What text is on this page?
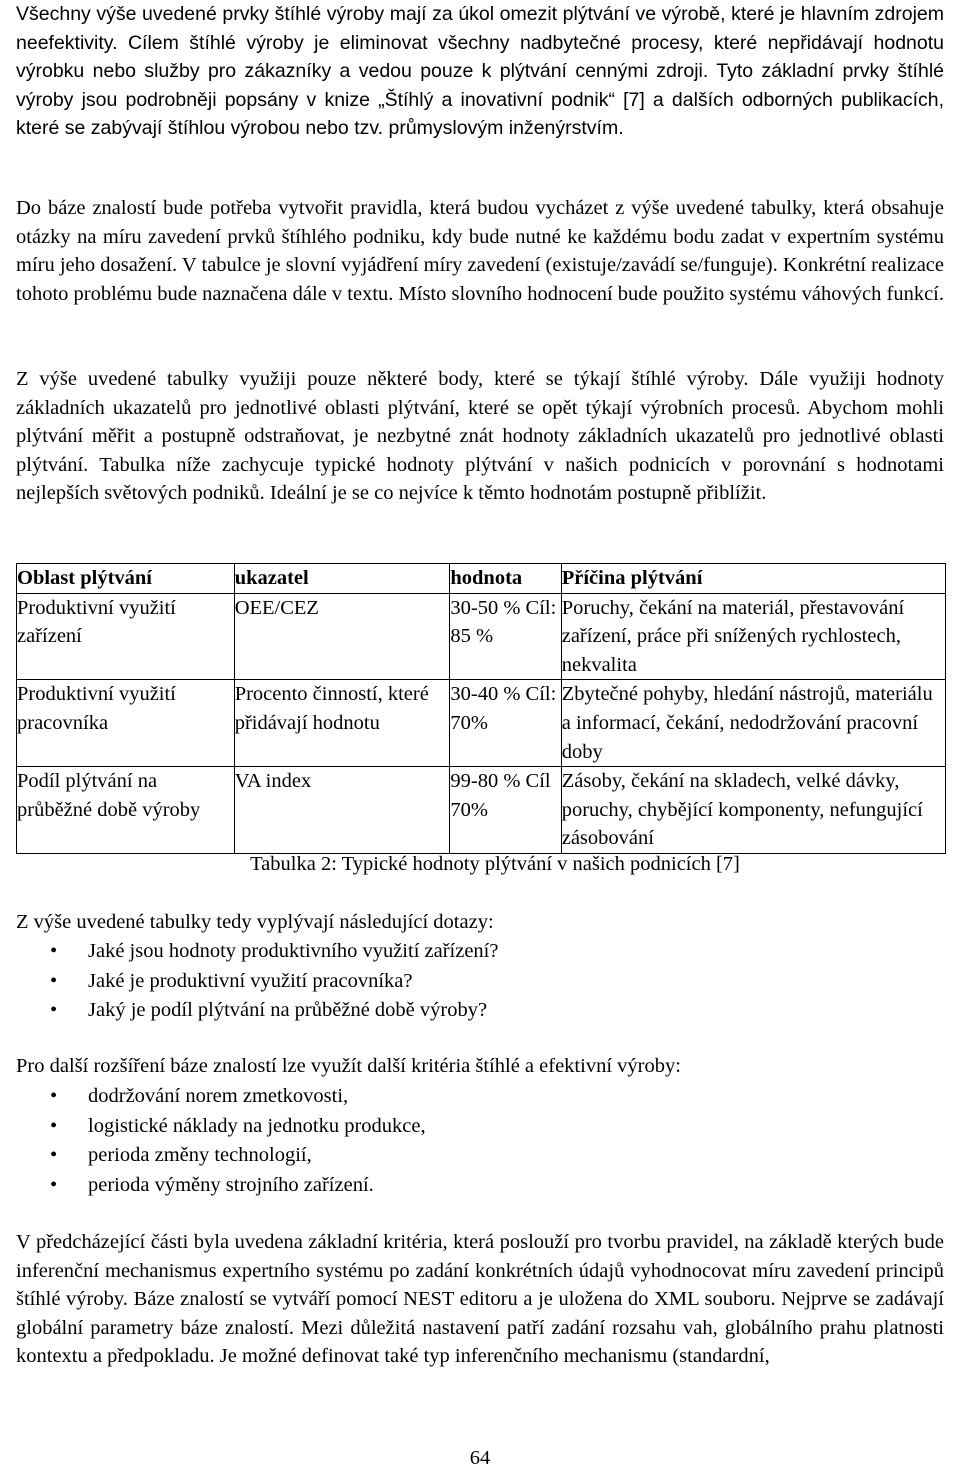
Všechny výše uvedené prvky štíhlé výroby mají za úkol omezit plýtvání ve výrobě, které je hlavním zdrojem neefektivity. Cílem štíhlé výroby je eliminovat všechny nadbytečné procesy, které nepřidávají hodnotu výrobku nebo služby pro zákazníky a vedou pouze k plýtvání cennými zdroji. Tyto základní prvky štíhlé výroby jsou podrobněji popsány v knize „Štíhlý a inovativní podnik“ [7] a dalších odborných publikacích, které se zabývají štíhlou výrobou nebo tzv. průmyslovým inženýrstvím.

Do báze znalostí bude potřeba vytvořit pravidla, která budou vycházet z výše uvedené tabulky, která obsahuje otázky na míru zavedení prvků štíhlého podniku, kdy bude nutné ke každému bodu zadat v expertním systému míru jeho dosažení. V tabulce je slovní vyjádření míry zavedení (existuje/zavádí se/funguje). Konkrétní realizace tohoto problému bude naznačena dále v textu. Místo slovního hodnocení bude použito systému váhových funkcí.

Z výše uvedené tabulky využiji pouze některé body, které se týkají štíhlé výroby. Dále využiji hodnoty základních ukazatelů pro jednotlivé oblasti plýtvání, které se opět týkají výrobních procesů. Abychom mohli plýtvání měřit a postupně odstraňovat, je nezbytné znát hodnoty základních ukazatelů pro jednotlivé oblasti plýtvání. Tabulka níže zachycuje typické hodnoty plýtvání v našich podnicích v porovnání s hodnotami nejlepších světových podniků. Ideální je se co nejvíce k těmto hodnotám postupně přiblížit.

Oblast plýtvání	ukazatel	hodnota	Příčina plýtvání
Produktivní využití zařízení	OEE/CEZ	30-50 % Cíl: 85 %	Poruchy, čekání na materiál, přestavování zařízení, práce při snížených rychlostech, nekvalita
Produktivní využití pracovníka	Procento činností, které přidávají hodnotu	30-40 % Cíl: 70%	Zbytečné pohyby, hledání nástrojů, materiálu a informací, čekání, nedodržování pracovní doby
Podíl plýtvání na průběžné době výroby	VA index	99-80 % Cíl 70%	Zásoby, čekání na skladech, velké dávky, poruchy, chybějící komponenty, nefungující zásobování
Tabulka 2: Typické hodnoty plýtvání v našich podnicích [7]

Z výše uvedené tabulky tedy vyplývají následující dotazy:

• Jaké jsou hodnoty produktivního využití zařízení?
• Jaké je produktivní využití pracovníka?
• Jaký je podíl plýtvání na průběžné době výroby?

Pro další rozšíření báze znalostí lze využít další kritéria štíhlé a efektivní výroby:

• dodržování norem zmetkovosti,
• logistické náklady na jednotku produkce,
• perioda změny technologií,
• perioda výměny strojního zařízení.

V předcházející části byla uvedena základní kritéria, která poslouží pro tvorbu pravidel, na základě kterých bude inferenční mechanismus expertního systému po zadání konkrétních údajů vyhodnocovat míru zavedení principů štíhlé výroby. Báze znalostí se vytváří pomocí NEST editoru a je uložena do XML souboru. Nejprve se zadávají globální parametry báze znalostí. Mezi důležitá nastavení patří zadání rozsahu vah, globálního prahu platnosti kontextu a předpokladu. Je možné definovat také typ inferenčního mechanismu (standardní,

64
